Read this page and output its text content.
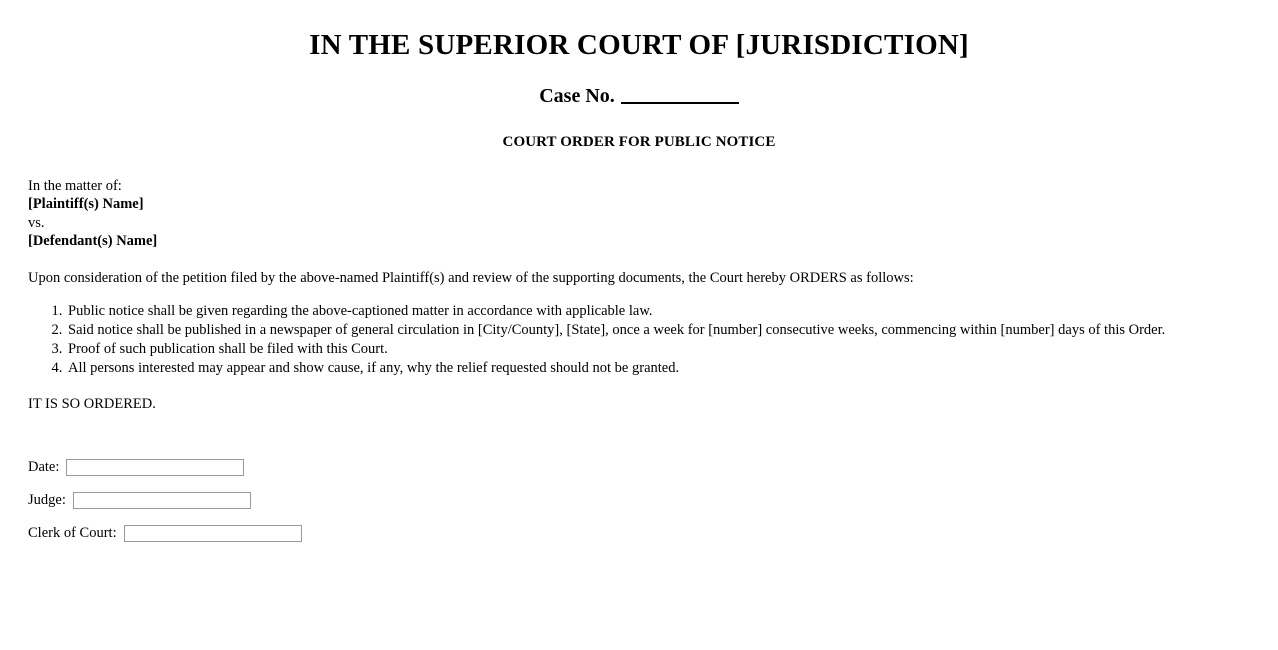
IN THE SUPERIOR COURT OF [JURISDICTION]
Case No.
COURT ORDER FOR PUBLIC NOTICE
In the matter of:
[Plaintiff(s) Name]
vs.
[Defendant(s) Name]
Upon consideration of the petition filed by the above-named Plaintiff(s) and review of the supporting documents, the Court hereby ORDERS as follows:
1. Public notice shall be given regarding the above-captioned matter in accordance with applicable law.
2. Said notice shall be published in a newspaper of general circulation in [City/County], [State], once a week for [number] consecutive weeks, commencing within [number] days of this Order.
3. Proof of such publication shall be filed with this Court.
4. All persons interested may appear and show cause, if any, why the relief requested should not be granted.
IT IS SO ORDERED.
Date:
Judge:
Clerk of Court:
